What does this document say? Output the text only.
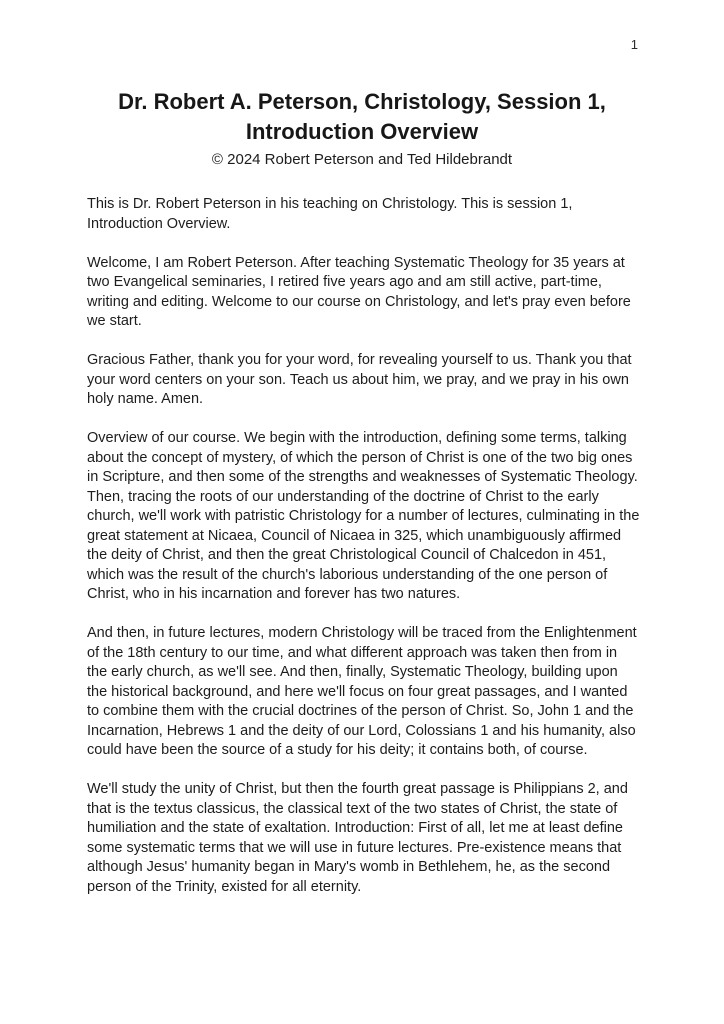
1
Dr. Robert A. Peterson, Christology, Session 1,
Introduction Overview
© 2024 Robert Peterson and Ted Hildebrandt

This is Dr. Robert Peterson in his teaching on Christology. This is session 1, Introduction Overview.

Welcome, I am Robert Peterson. After teaching Systematic Theology for 35 years at two Evangelical seminaries, I retired five years ago and am still active, part-time, writing and editing. Welcome to our course on Christology, and let's pray even before we start.

Gracious Father, thank you for your word, for revealing yourself to us. Thank you that your word centers on your son. Teach us about him, we pray, and we pray in his own holy name. Amen.

Overview of our course. We begin with the introduction, defining some terms, talking about the concept of mystery, of which the person of Christ is one of the two big ones in Scripture, and then some of the strengths and weaknesses of Systematic Theology. Then, tracing the roots of our understanding of the doctrine of Christ to the early church, we'll work with patristic Christology for a number of lectures, culminating in the great statement at Nicaea, Council of Nicaea in 325, which unambiguously affirmed the deity of Christ, and then the great Christological Council of Chalcedon in 451, which was the result of the church's laborious understanding of the one person of Christ, who in his incarnation and forever has two natures.

And then, in future lectures, modern Christology will be traced from the Enlightenment of the 18th century to our time, and what different approach was taken then from in the early church, as we'll see. And then, finally, Systematic Theology, building upon the historical background, and here we'll focus on four great passages, and I wanted to combine them with the crucial doctrines of the person of Christ. So, John 1 and the Incarnation, Hebrews 1 and the deity of our Lord, Colossians 1 and his humanity, also could have been the source of a study for his deity; it contains both, of course.

We'll study the unity of Christ, but then the fourth great passage is Philippians 2, and that is the textus classicus, the classical text of the two states of Christ, the state of humiliation and the state of exaltation. Introduction: First of all, let me at least define some systematic terms that we will use in future lectures. Pre-existence means that although Jesus' humanity began in Mary's womb in Bethlehem, he, as the second person of the Trinity, existed for all eternity.
